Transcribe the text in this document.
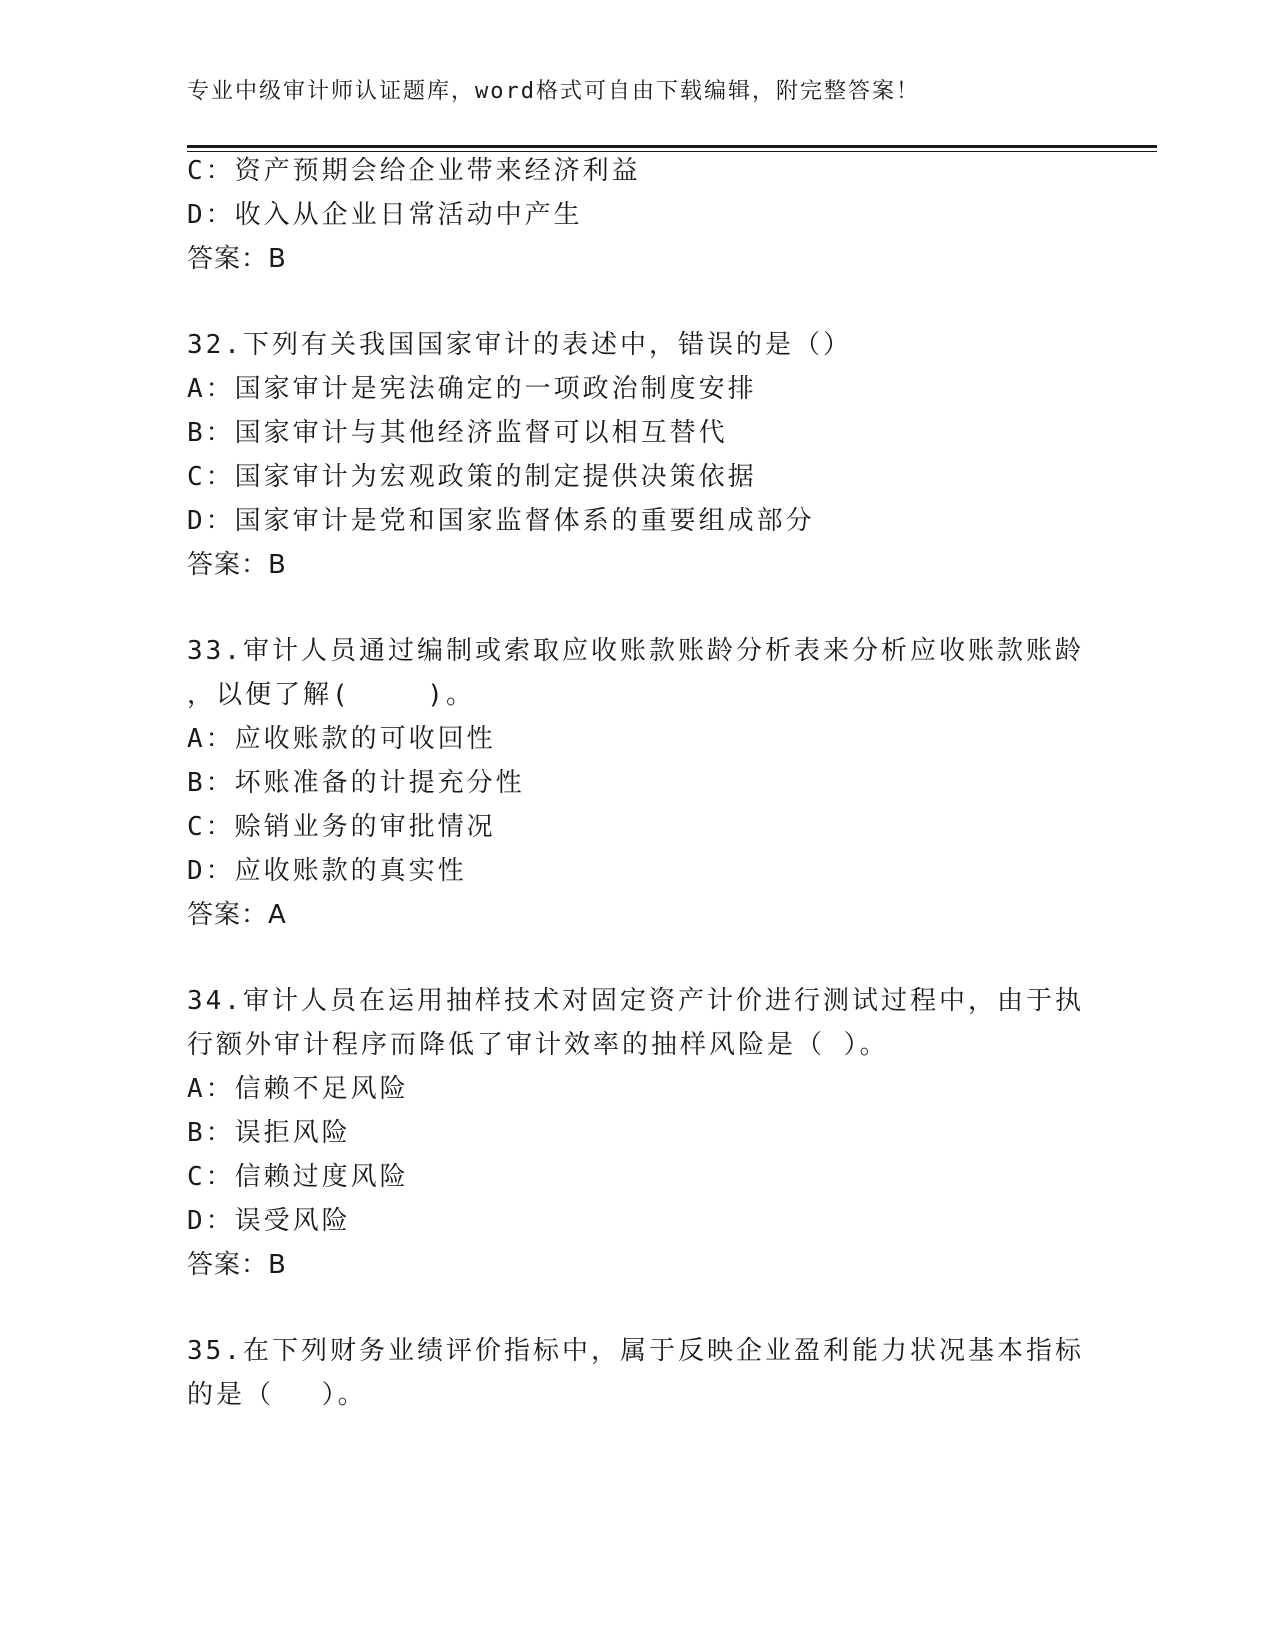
专业中级审计师认证题库，word格式可自由下载编辑，附完整答案！
C：资产预期会给企业带来经济利益
D：收入从企业日常活动中产生
答案：B
32.下列有关我国国家审计的表述中，错误的是（）
A：国家审计是宪法确定的一项政治制度安排
B：国家审计与其他经济监督可以相互替代
C：国家审计为宏观政策的制定提供决策依据
D：国家审计是党和国家监督体系的重要组成部分
答案：B
33.审计人员通过编制或索取应收账款账龄分析表来分析应收账款账龄
，以便了解(　　 )。
A：应收账款的可收回性
B：坏账准备的计提充分性
C：赊销业务的审批情况
D：应收账款的真实性
答案：A
34.审计人员在运用抽样技术对固定资产计价进行测试过程中，由于执
行额外审计程序而降低了审计效率的抽样风险是（ ）。
A：信赖不足风险
B：误拒风险
C：信赖过度风险
D：误受风险
答案：B
35.在下列财务业绩评价指标中，属于反映企业盈利能力状况基本指标
的是（　 ）。
